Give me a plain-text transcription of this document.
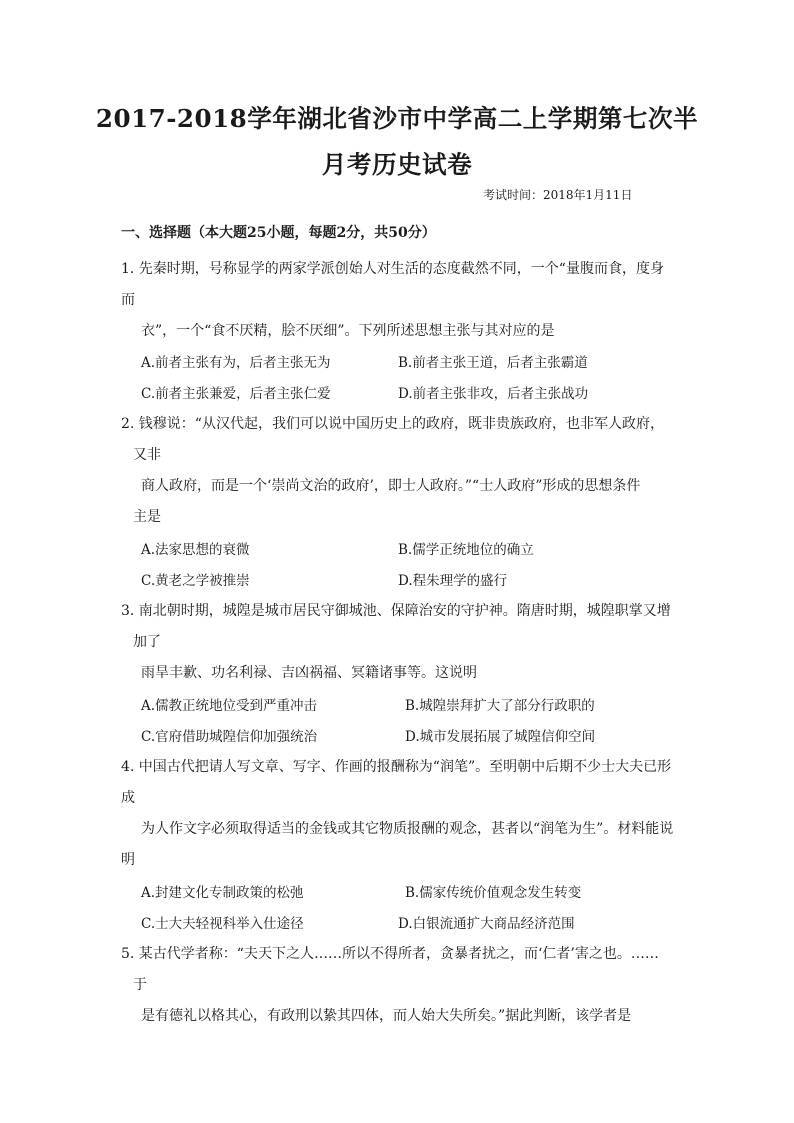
2017-2018学年湖北省沙市中学高二上学期第七次半
月考历史试卷
考试时间：2018年1月11日
一、选择题（本大题25小题，每题2分，共50分）
1. 先秦时期，号称显学的两家学派创始人对生活的态度截然不同，一个“量腹而食，度身
而
衣”，一个“食不厌精，脍不厌细”。下列所述思想主张与其对应的是
A.前者主张有为，后者主张无为	B.前者主张王道，后者主张霸道
C.前者主张兼爱，后者主张仁爱	D.前者主张非攻，后者主张战功
2. 钱穆说：“从汉代起，我们可以说中国历史上的政府，既非贵族政府，也非军人政府，
又非
商人政府，而是一个‘崇尚文治的政府’，即士人政府。”“士人政府”形成的思想条件
主是
A.法家思想的衰微	B.儒学正统地位的确立
C.黄老之学被推崇	D.程朱理学的盛行
3. 南北朝时期，城隍是城市居民守御城池、保障治安的守护神。隋唐时期，城隍职掌又增
加了
雨旱丰歉、功名利禄、吉凶祸福、冥籍诸事等。这说明
A.儒教正统地位受到严重冲击	B.城隍崇拜扩大了部分行政职的
C.官府借助城隍信仰加强统治	D.城市发展拓展了城隍信仰空间
4. 中国古代把请人写文章、写字、作画的报酬称为“润笔”。至明朝中后期不少士大夫已形
成
为人作文字必须取得适当的金钱或其它物质报酬的观念，甚者以“润笔为生”。材料能说
明
A.封建文化专制政策的松弛	B.儒家传统价值观念发生转变
C.士大夫轻视科举入仕途径	D.白银流通扩大商品经济范围
5. 某古代学者称：“夫天下之人……所以不得所者，贪暴者扰之，而‘仁者’害之也。……
于
是有德礼以格其心，有政刑以絷其四体，而人始大失所矣。”据此判断，该学者是
